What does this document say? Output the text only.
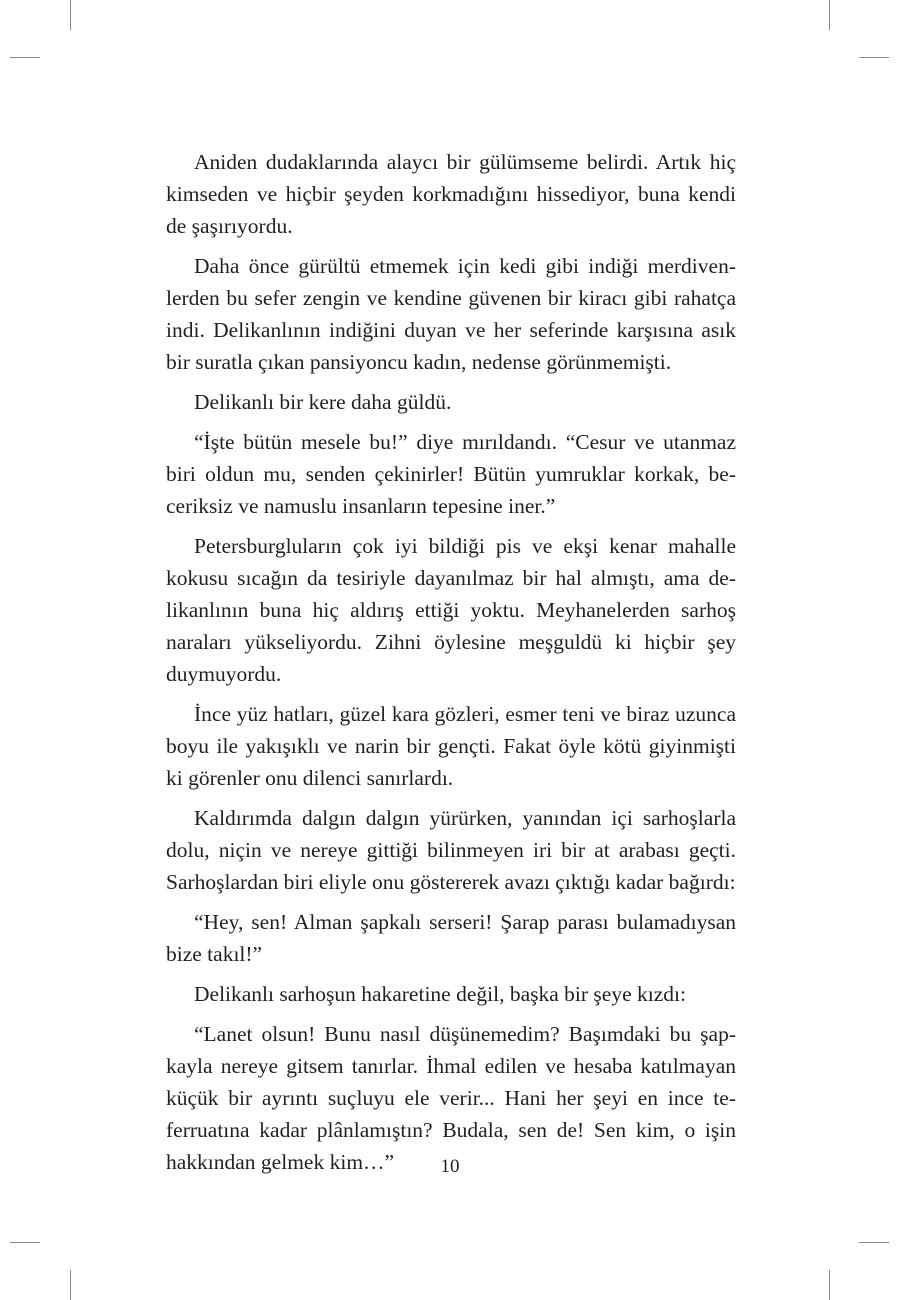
Aniden dudaklarında alaycı bir gülümseme belirdi. Artık hiç kimseden ve hiçbir şeyden korkmadığını hissediyor, buna kendi de şaşırıyordu.

Daha önce gürültü etmemek için kedi gibi indiği merdivenlerden bu sefer zengin ve kendine güvenen bir kiracı gibi rahatça indi. Delikanlının indiğini duyan ve her seferinde karşısına asık bir suratla çıkan pansiyoncu kadın, nedense görünmemişti.

Delikanlı bir kere daha güldü.

“İşte bütün mesele bu!” diye mırıldandı. “Cesur ve utanmaz biri oldun mu, senden çekinirler! Bütün yumruklar korkak, beceriksiz ve namuslu insanların tepesine iner.”

Petersburgluların çok iyi bildiği pis ve ekşi kenar mahalle kokusu sıcağın da tesiriyle dayanılmaz bir hal almıştı, ama delikanlının buna hiç aldırış ettiği yoktu. Meyhanelerden sarhoş naraları yükseliyordu. Zihni öylesine meşguldü ki hiçbir şey duymuyordu.

İnce yüz hatları, güzel kara gözleri, esmer teni ve biraz uzunca boyu ile yakışıklı ve narin bir gençti. Fakat öyle kötü giyinmişti ki görenler onu dilenci sanırlardı.

Kaldırımda dalgın dalgın yürürken, yanından içi sarhoşlarla dolu, niçin ve nereye gittiği bilinmeyen iri bir at arabası geçti. Sarhoşlardan biri eliyle onu göstererek avazı çıktığı kadar bağırdı:

“Hey, sen! Alman şapkalı serseri! Şarap parası bulamadıysan bize takıl!”

Delikanlı sarhoşun hakaretine değil, başka bir şeye kızdı:

“Lanet olsun! Bunu nasıl düşünemedim? Başımdaki bu şapkayla nereye gitsem tanırlar. İhmal edilen ve hesaba katılmayan küçük bir ayrıntı suçluyu ele verir... Hani her şeyi en ince teferruatına kadar plânlamıştın? Budala, sen de! Sen kim, o işin hakkından gelmek kim…”	10
